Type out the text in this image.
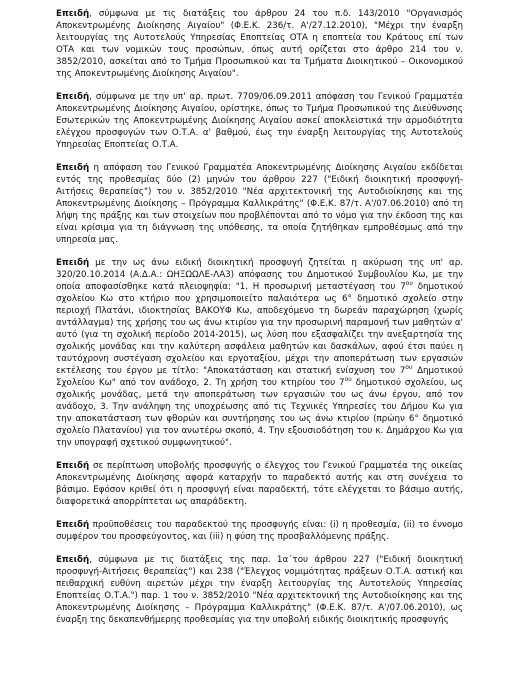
Επειδή, σύμφωνα με τις διατάξεις του άρθρου 24 του π.δ. 143/2010 "Οργανισμός Αποκεντρωμένης Διοίκησης Αιγαίου" (Φ.Ε.Κ. 236/τ. Α'/27.12.2010), "Μέχρι την έναρξη λειτουργίας της Αυτοτελούς Υπηρεσίας Εποπτείας ΟΤΑ η εποπτεία του Κράτους επί των ΟΤΑ και των νομικών τους προσώπων, όπως αυτή ορίζεται στο άρθρο 214 του ν. 3852/2010, ασκείται από το Τμήμα Προσωπικού και τα Τμήματα Διοικητικού – Οικονομικού της Αποκεντρωμένης Διοίκησης Αιγαίου".

Επειδή, σύμφωνα με την υπ' αρ. πρωτ. 7709/06.09.2011 απόφαση του Γενικού Γραμματέα Αποκεντρωμένης Διοίκησης Αιγαίου, ορίστηκε, όπως το Τμήμα Προσωπικού της Διεύθυνσης Εσωτερικών της Αποκεντρωμένης Διοίκησης Αιγαίου ασκεί αποκλειστικά την αρμοδιότητα ελέγχου προσφυγών των Ο.Τ.Α. α' βαθμού, έως την έναρξη λειτουργίας της Αυτοτελούς Υπηρεσίας Εποπτείας Ο.Τ.Α.

Επειδή η απόφαση του Γενικού Γραμματέα Αποκεντρωμένης Διοίκησης Αιγαίου εκδίδεται εντός της προθεσμίας δύο (2) μηνών του άρθρου 227 ("Ειδική διοικητική προσφυγή-Αιτήσεις θεραπείας") του ν. 3852/2010 "Νέα αρχιτεκτονική της Αυτοδιοίκησης και της Αποκεντρωμένης Διοίκησης – Πρόγραμμα Καλλικράτης" (Φ.Ε.Κ. 87/τ. Α'/07.06.2010) από τη λήψη της πράξης και των στοιχείων που προβλέπονται από το νόμο για την έκδοση της και είναι κρίσιμα για τη διάγνωση της υπόθεσης, τα οποία ζητήθηκαν εμπροθέσμως από την υπηρεσία μας.

Επειδή με την ως άνω ειδική διοικητική προσφυγή ζητείται η ακύρωση της υπ' αρ. 320/20.10.2014 (Α.Δ.Α.: ΩΗΞΩΩΛΕ-ΛΑ3) απόφασης του Δημοτικού Συμβουλίου Κω, με την οποία αποφασίσθηκε κατά πλειοψηφία: "1. Η προσωρινή μεταστέγαση του $7^{o\upsilon}$ δημοτικού σχολείου Κω στο κτήριο που χρησιμοποιείτο παλαιότερα ως 6° δημοτικό σχολείο στην περιοχή Πλατάνι, ιδιοκτησίας ΒΑΚΟΥΦ Κω, αποδεχόμενο τη δωρεάν παραχώρηση (χωρίς αντάλλαγμα) της χρήσης του ως άνω κτιρίου για την προσωρινή παραμονή των μαθητών α' αυτό (για τη σχολική περίοδο 2014-2015), ως λύση που εξασφαλίζει την ανεξαρτησία της σχολικής μονάδας και την καλύτερη ασφάλεια μαθητών και δασκάλων, αφού έτσι παύει η ταυτόχρονη συστέγαση σχολείου και εργοταξίου, μέχρι την αποπεράτωση των εργασιών εκτέλεσης του έργου με τίτλο: "Αποκατάσταση και στατική ενίσχυση του $7^{o\upsilon}$ Δημοτικού Σχολείου Κω" από τον ανάδοχο, 2. Τη χρήση του κτηρίου του $7^{o\upsilon}$ δημοτικού σχολείου, ως σχολικής μονάδας, μετά την αποπεράτωση των εργασιών του ως άνω έργου, από τον ανάδοχο, 3. Την ανάληψη της υποχρέωσης από τις Τεχνικές Υπηρεσίες του Δήμου Κω για την αποκατάσταση των φθορών και συντήρησης του ως άνω κτιρίου (πρώην 6° δημοτικό σχολείο Πλατανίου) για τον ανωτέρω σκοπό, 4. Την εξουσιοδότηση του κ. Δημάρχου Κω για την υπογραφή σχετικού συμφωνητικού".

Επειδή σε περίπτωση υποβολής προσφυγής ο έλεγχος του Γενικού Γραμματέα της οικείας Αποκεντρωμένης Διοίκησης αφορά καταρχήν το παραδεκτό αυτής και στη συνέχεια το βάσιμο. Εφόσον κριθεί ότι η προσφυγή είναι παραδεκτή, τότε ελέγχεται το βάσιμο αυτής, διαφορετικά απορρίπτεται ως απαράδεκτη.

Επειδή προϋποθέσεις του παραδεκτού της προσφυγής είναι: (i) η προθεσμία, (ii) το έννομο συμφέρον του προσφεύγοντος, και (iii) η φύση της προσβαλλόμενης πράξης.

Επειδή, σύμφωνα με τις διατάξεις της παρ. 1α΄του άρθρου 227 ("Ειδική διοικητική προσφυγή-Αιτήσεις θεραπείας") και 238 ("Έλεγχος νομιμότητας πράξεων Ο.Τ.Α. αστική και πειθαρχική ευθύνη αιρετών μέχρι την έναρξη λειτουργίας της Αυτοτελούς Υπηρεσίας Εποπτείας Ο.Τ.Α.") παρ. 1 του ν. 3852/2010 "Νέα αρχιτεκτονική της Αυτοδιοίκησης και της Αποκεντρωμένης Διοίκησης – Πρόγραμμα Καλλικράτης" (Φ.Ε.Κ. 87/τ. Α'/07.06.2010), ως έναρξη της δεκαπενθήμερης προθεσμίας για την υποβολή ειδικής διοικητικής προσφυγής
